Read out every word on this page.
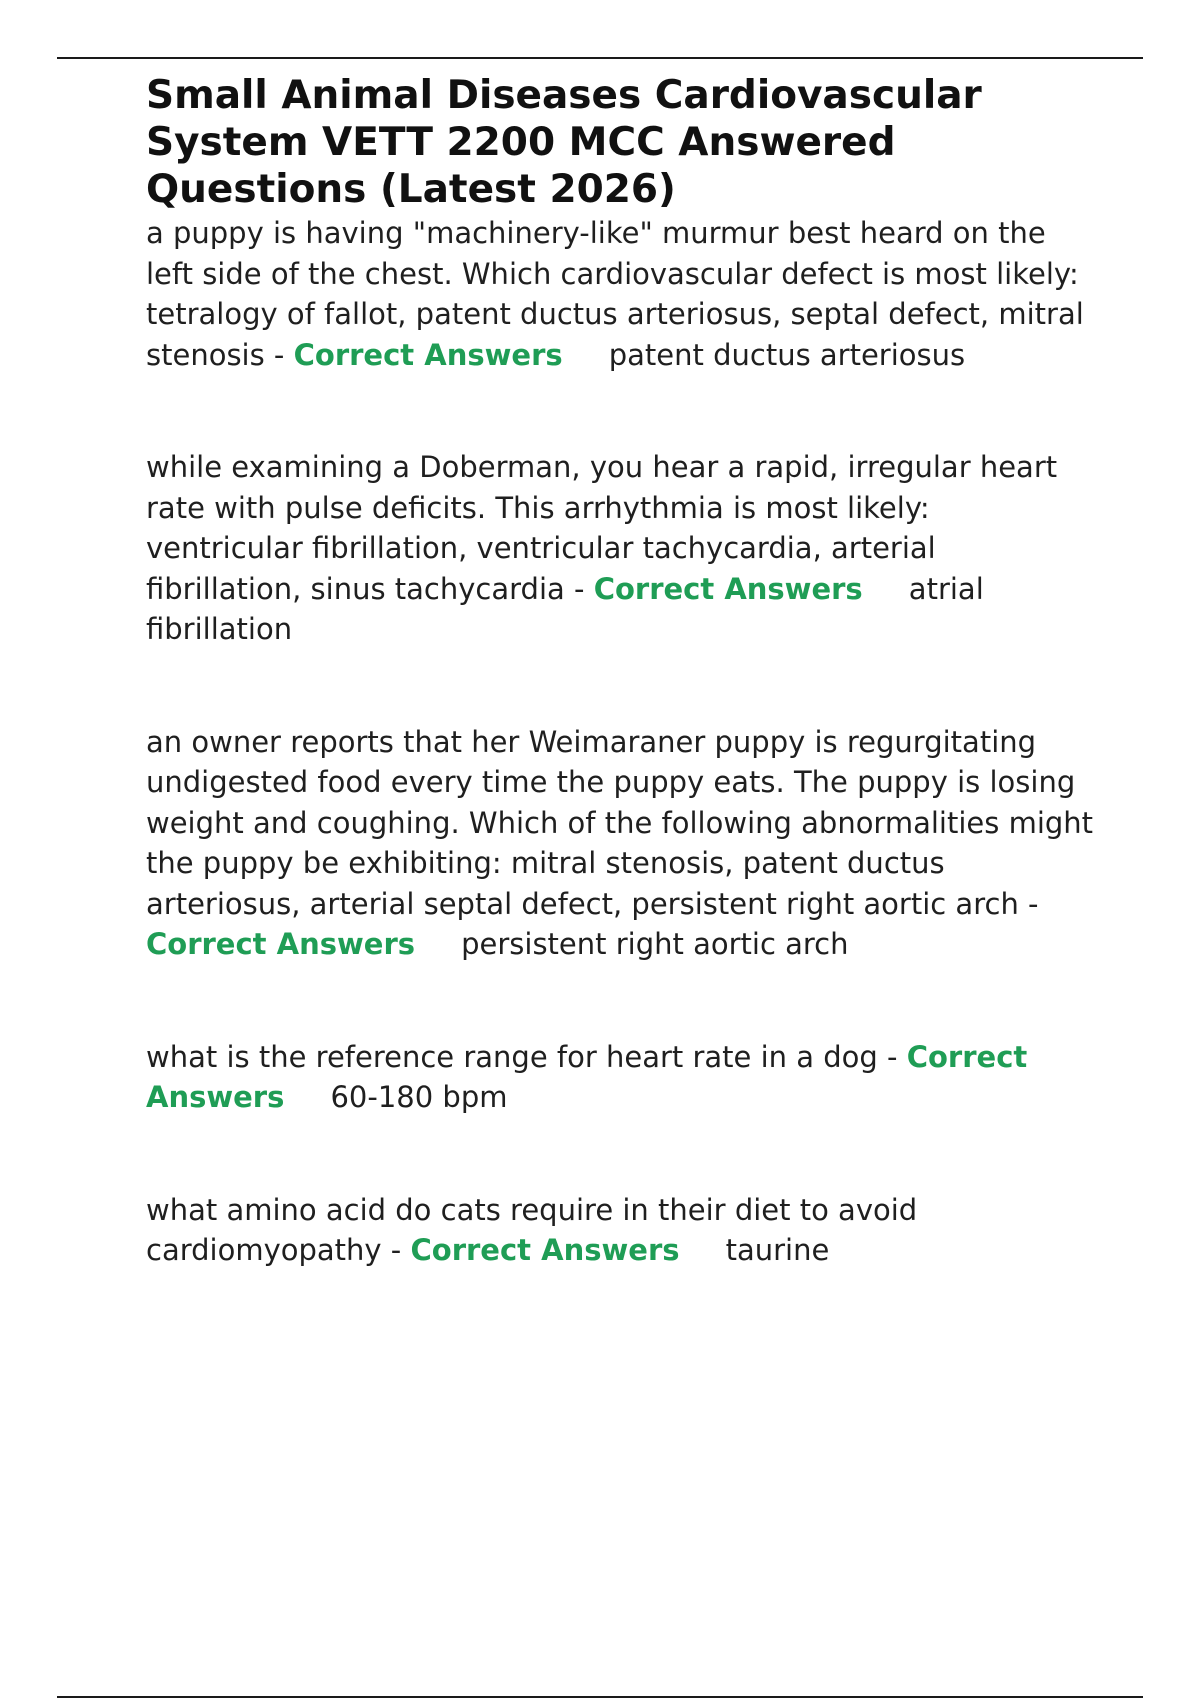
Small Animal Diseases Cardiovascular System VETT 2200 MCC Answered Questions (Latest 2026)

a puppy is having "machinery-like" murmur best heard on the left side of the chest. Which cardiovascular defect is most likely: tetralogy of fallot, patent ductus arteriosus, septal defect, mitral stenosis - Correct Answers patent ductus arteriosus

while examining a Doberman, you hear a rapid, irregular heart rate with pulse deficits. This arrhythmia is most likely: ventricular fibrillation, ventricular tachycardia, arterial fibrillation, sinus tachycardia - Correct Answers atrial fibrillation

an owner reports that her Weimaraner puppy is regurgitating undigested food every time the puppy eats. The puppy is losing weight and coughing. Which of the following abnormalities might the puppy be exhibiting: mitral stenosis, patent ductus arteriosus, arterial septal defect, persistent right aortic arch - Correct Answers persistent right aortic arch

what is the reference range for heart rate in a dog - Correct Answers 60-180 bpm

what amino acid do cats require in their diet to avoid cardiomyopathy - Correct Answers taurine
